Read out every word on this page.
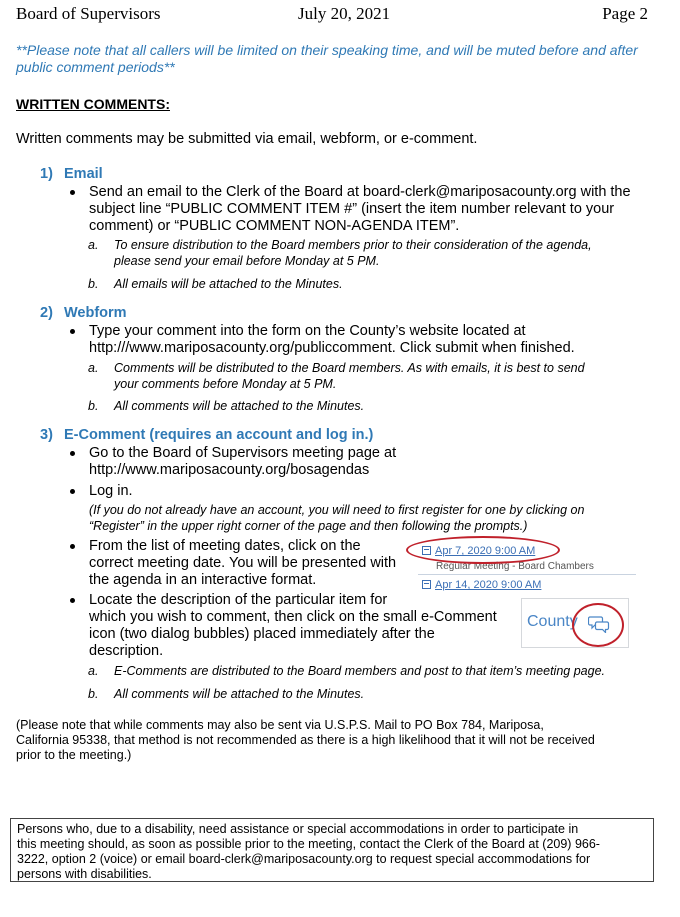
Board of Supervisors	July 20, 2021	Page 2
**Please note that all callers will be limited on their speaking time, and will be muted before and after public comment periods**
WRITTEN COMMENTS:
Written comments may be submitted via email, webform, or e-comment.
1) Email
Send an email to the Clerk of the Board at board-clerk@mariposacounty.org with the
subject line “PUBLIC COMMENT ITEM #” (insert the item number relevant to your
comment) or “PUBLIC COMMENT NON-AGENDA ITEM”.
a. To ensure distribution to the Board members prior to their consideration of the agenda,
please send your email before Monday at 5 PM.
b. All emails will be attached to the Minutes.
2) Webform
Type your comment into the form on the County’s website located at
http:///www.mariposacounty.org/publiccomment. Click submit when finished.
a. Comments will be distributed to the Board members. As with emails, it is best to send
your comments before Monday at 5 PM.
b. All comments will be attached to the Minutes.
3) E-Comment (requires an account and log in.)
Go to the Board of Supervisors meeting page at
http://www.mariposacounty.org/bosagendas
Log in.
(If you do not already have an account, you will need to first register for one by clicking on
“Register” in the upper right corner of the page and then following the prompts.)
From the list of meeting dates, click on the
correct meeting date. You will be presented with
the agenda in an interactive format.
Locate the description of the particular item for
which you wish to comment, then click on the small e-Comment
icon (two dialog bubbles) placed immediately after the
description.
a. E-Comments are distributed to the Board members and post to that item’s meeting page.
b. All comments will be attached to the Minutes.
Apr 7, 2020 9:00 AM
Regular Meeting - Board Chambers
Apr 14, 2020 9:00 AM
County
(Please note that while comments may also be sent via U.S.P.S. Mail to PO Box 784, Mariposa,
California 95338, that method is not recommended as there is a high likelihood that it will not be received
prior to the meeting.)
Persons who, due to a disability, need assistance or special accommodations in order to participate in
this meeting should, as soon as possible prior to the meeting, contact the Clerk of the Board at (209) 966-
3222, option 2 (voice) or email board-clerk@mariposacounty.org to request special accommodations for
persons with disabilities.
